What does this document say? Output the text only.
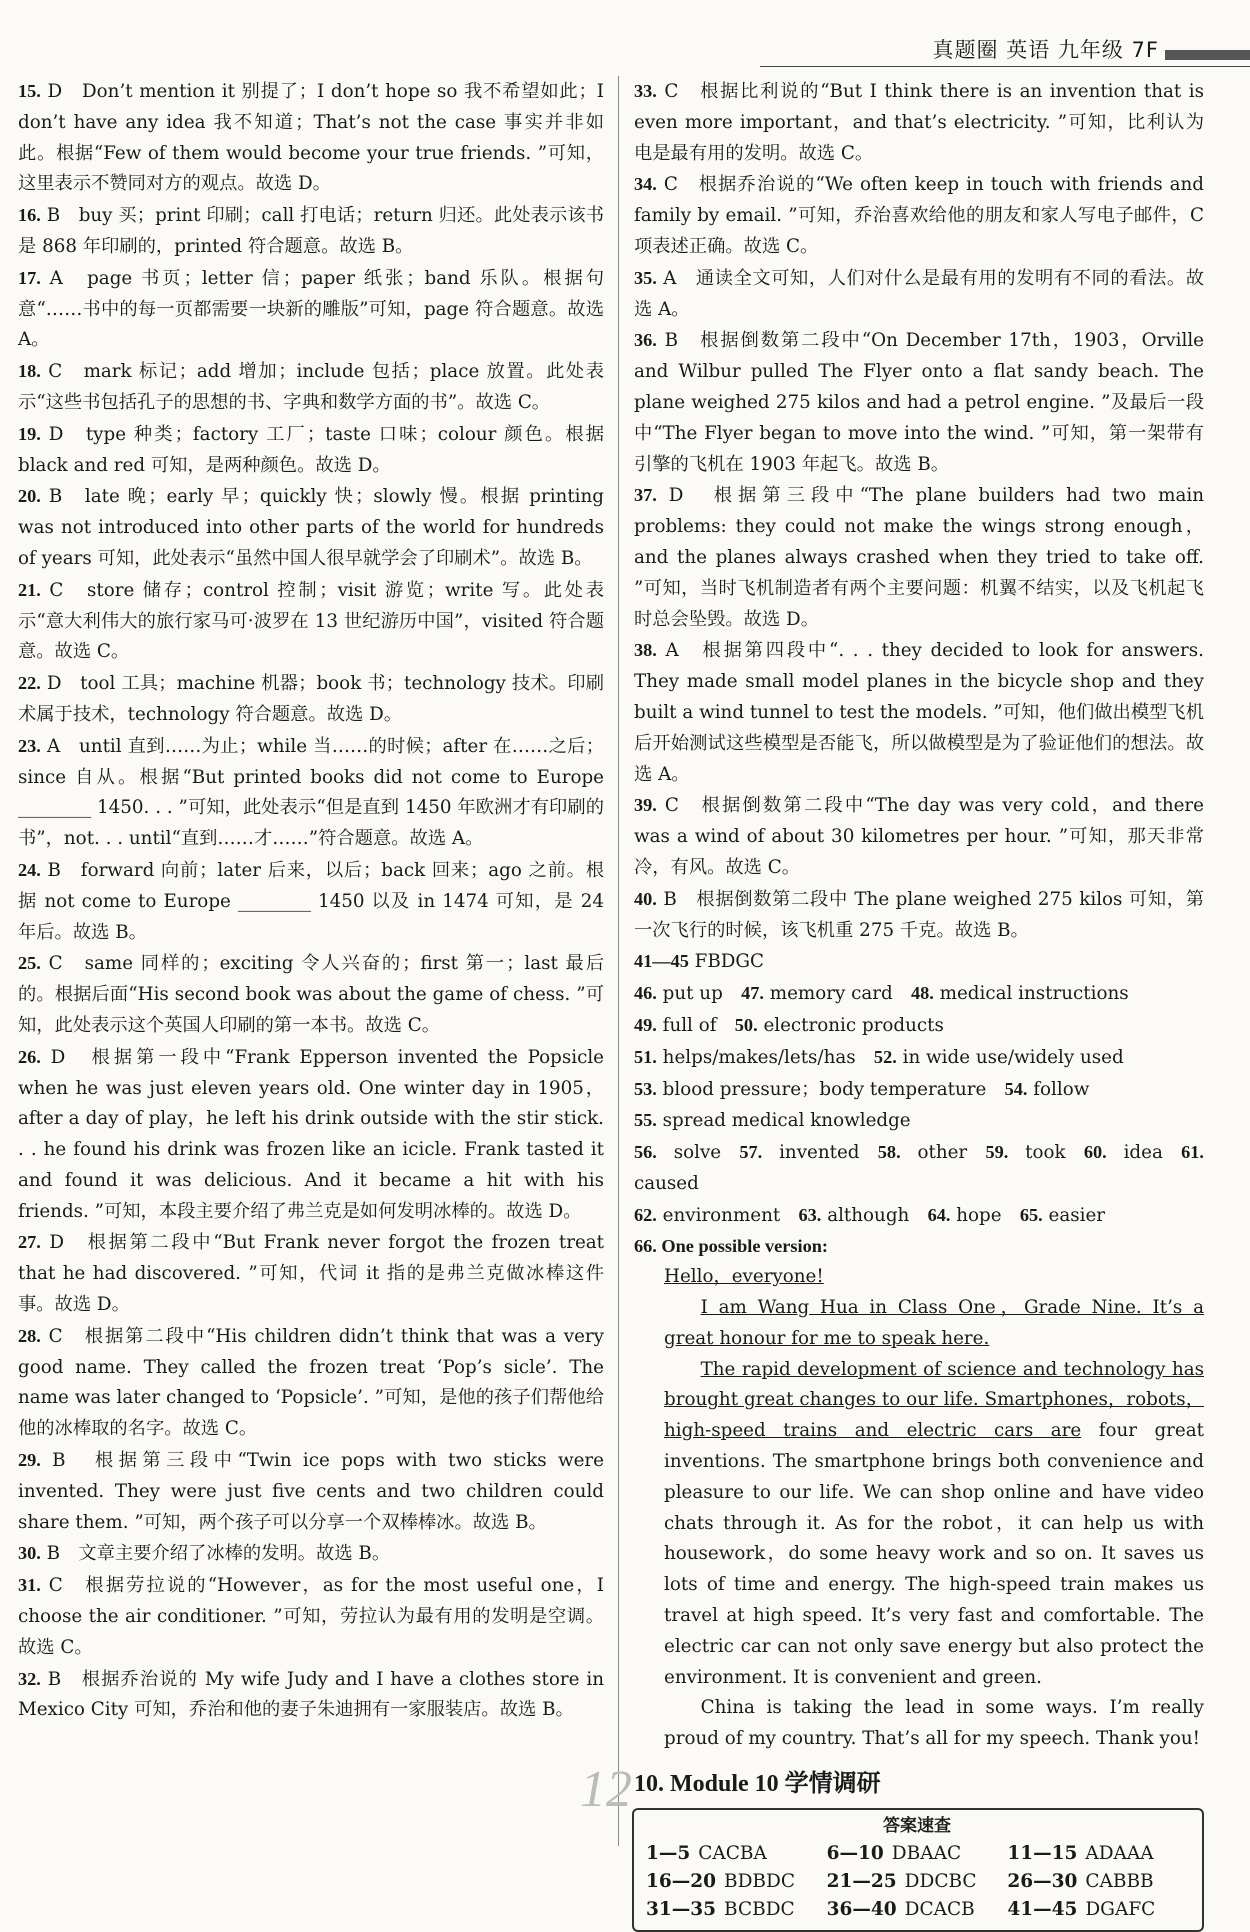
真题圈 英语 九年级 7F

15. D　Don’t mention it 别提了；I don’t hope so 我不希望如此；I don’t have any idea 我不知道；That’s not the case 事实并非如此。根据“Few of them would become your true friends. ”可知，这里表示不赞同对方的观点。故选 D。

16. B　buy 买；print 印刷；call 打电话；return 归还。此处表示该书是 868 年印刷的，printed 符合题意。故选 B。

17. A　page 书页；letter 信；paper 纸张；band 乐队。根据句意“……书中的每一页都需要一块新的雕版”可知，page 符合题意。故选 A。

18. C　mark 标记；add 增加；include 包括；place 放置。此处表示“这些书包括孔子的思想的书、字典和数学方面的书”。故选 C。

19. D　type 种类；factory 工厂；taste 口味；colour 颜色。根据 black and red 可知，是两种颜色。故选 D。

20. B　late 晚；early 早；quickly 快；slowly 慢。根据 printing was not introduced into other parts of the world for hundreds of years 可知，此处表示“虽然中国人很早就学会了印刷术”。故选 B。

21. C　store 储存；control 控制；visit 游览；write 写。此处表示“意大利伟大的旅行家马可·波罗在 13 世纪游历中国”，visited 符合题意。故选 C。

22. D　tool 工具；machine 机器；book 书；technology 技术。印刷术属于技术，technology 符合题意。故选 D。

23. A　until 直到……为止；while 当……的时候；after 在……之后；since 自从。根据“But printed books did not come to Europe ________ 1450. . . ”可知，此处表示“但是直到 1450 年欧洲才有印刷的书”，not. . . until“直到……才……”符合题意。故选 A。

24. B　forward 向前；later 后来，以后；back 回来；ago 之前。根据 not come to Europe ________ 1450 以及 in 1474 可知，是 24 年后。故选 B。

25. C　same 同样的；exciting 令人兴奋的；first 第一；last 最后的。根据后面“His second book was about the game of chess. ”可知，此处表示这个英国人印刷的第一本书。故选 C。

26. D　根据第一段中“Frank Epperson invented the Popsicle when he was just eleven years old. One winter day in 1905，after a day of play，he left his drink outside with the stir stick. . . he found his drink was frozen like an icicle. Frank tasted it and found it was delicious. And it became a hit with his friends. ”可知，本段主要介绍了弗兰克是如何发明冰棒的。故选 D。

27. D　根据第二段中“But Frank never forgot the frozen treat that he had discovered. ”可知，代词 it 指的是弗兰克做冰棒这件事。故选 D。

28. C　根据第二段中“His children didn’t think that was a very good name. They called the frozen treat ‘Pop’s sicle’. The name was later changed to ‘Popsicle’. ”可知，是他的孩子们帮他给他的冰棒取的名字。故选 C。

29. B　根据第三段中“Twin ice pops with two sticks were invented. They were just five cents and two children could share them. ”可知，两个孩子可以分享一个双棒棒冰。故选 B。

30. B　文章主要介绍了冰棒的发明。故选 B。

31. C　根据劳拉说的“However，as for the most useful one，I choose the air conditioner. ”可知，劳拉认为最有用的发明是空调。故选 C。

32. B　根据乔治说的 My wife Judy and I have a clothes store in Mexico City 可知，乔治和他的妻子朱迪拥有一家服装店。故选 B。

33. C　根据比利说的“But I think there is an invention that is even more important，and that’s electricity. ”可知，比利认为电是最有用的发明。故选 C。

34. C　根据乔治说的“We often keep in touch with friends and family by email. ”可知，乔治喜欢给他的朋友和家人写电子邮件，C 项表述正确。故选 C。

35. A　通读全文可知，人们对什么是最有用的发明有不同的看法。故选 A。

36. B　根据倒数第二段中“On December 17th，1903，Orville and Wilbur pulled The Flyer onto a flat sandy beach. The plane weighed 275 kilos and had a petrol engine. ”及最后一段中“The Flyer began to move into the wind. ”可知，第一架带有引擎的飞机在 1903 年起飞。故选 B。

37. D　根据第三段中“The plane builders had two main problems: they could not make the wings strong enough，and the planes always crashed when they tried to take off. ”可知，当时飞机制造者有两个主要问题：机翼不结实，以及飞机起飞时总会坠毁。故选 D。

38. A　根据第四段中“. . . they decided to look for answers. They made small model planes in the bicycle shop and they built a wind tunnel to test the models. ”可知，他们做出模型飞机后开始测试这些模型是否能飞，所以做模型是为了验证他们的想法。故选 A。

39. C　根据倒数第二段中“The day was very cold，and there was a wind of about 30 kilometres per hour. ”可知，那天非常冷，有风。故选 C。

40. B　根据倒数第二段中 The plane weighed 275 kilos 可知，第一次飞行的时候，该飞机重 275 千克。故选 B。

41—45 FBDGC 

46. put up  47. memory card  48. medical instructions 

49. full of  50. electronic products 

51. helps/makes/lets/has  52. in wide use/widely used 

53. blood pressure；body temperature  54. follow 

55. spread medical knowledge 

56. solve  57. invented  58. other  59. took  60. idea  61. caused 

62. environment  63. although  64. hope  65. easier 

66. One possible version:

Hello，everyone!

I am Wang Hua in Class One，Grade Nine. It’s a great honour for me to speak here.

The rapid development of science and technology has brought great changes to our life. Smartphones，robots，high-speed trains and electric cars are four great inventions. The smartphone brings both convenience and pleasure to our life. We can shop online and have video chats through it. As for the robot，it can help us with housework，do some heavy work and so on. It saves us lots of time and energy. The high-speed train makes us travel at high speed. It’s very fast and comfortable. The electric car can not only save energy but also protect the environment. It is convenient and green.

China is taking the lead in some ways. I’m really proud of my country. That’s all for my speech. Thank you!

10. Module 10 学情调研
答案速查
1—5 CACBA	6—10 DBAAC	11—15 ADAAA
16—20 BDBDC	21—25 DDCBC	26—30 CABBB
31—35 BCBDC	36—40 DCACB	41—45 DGAFC
12
